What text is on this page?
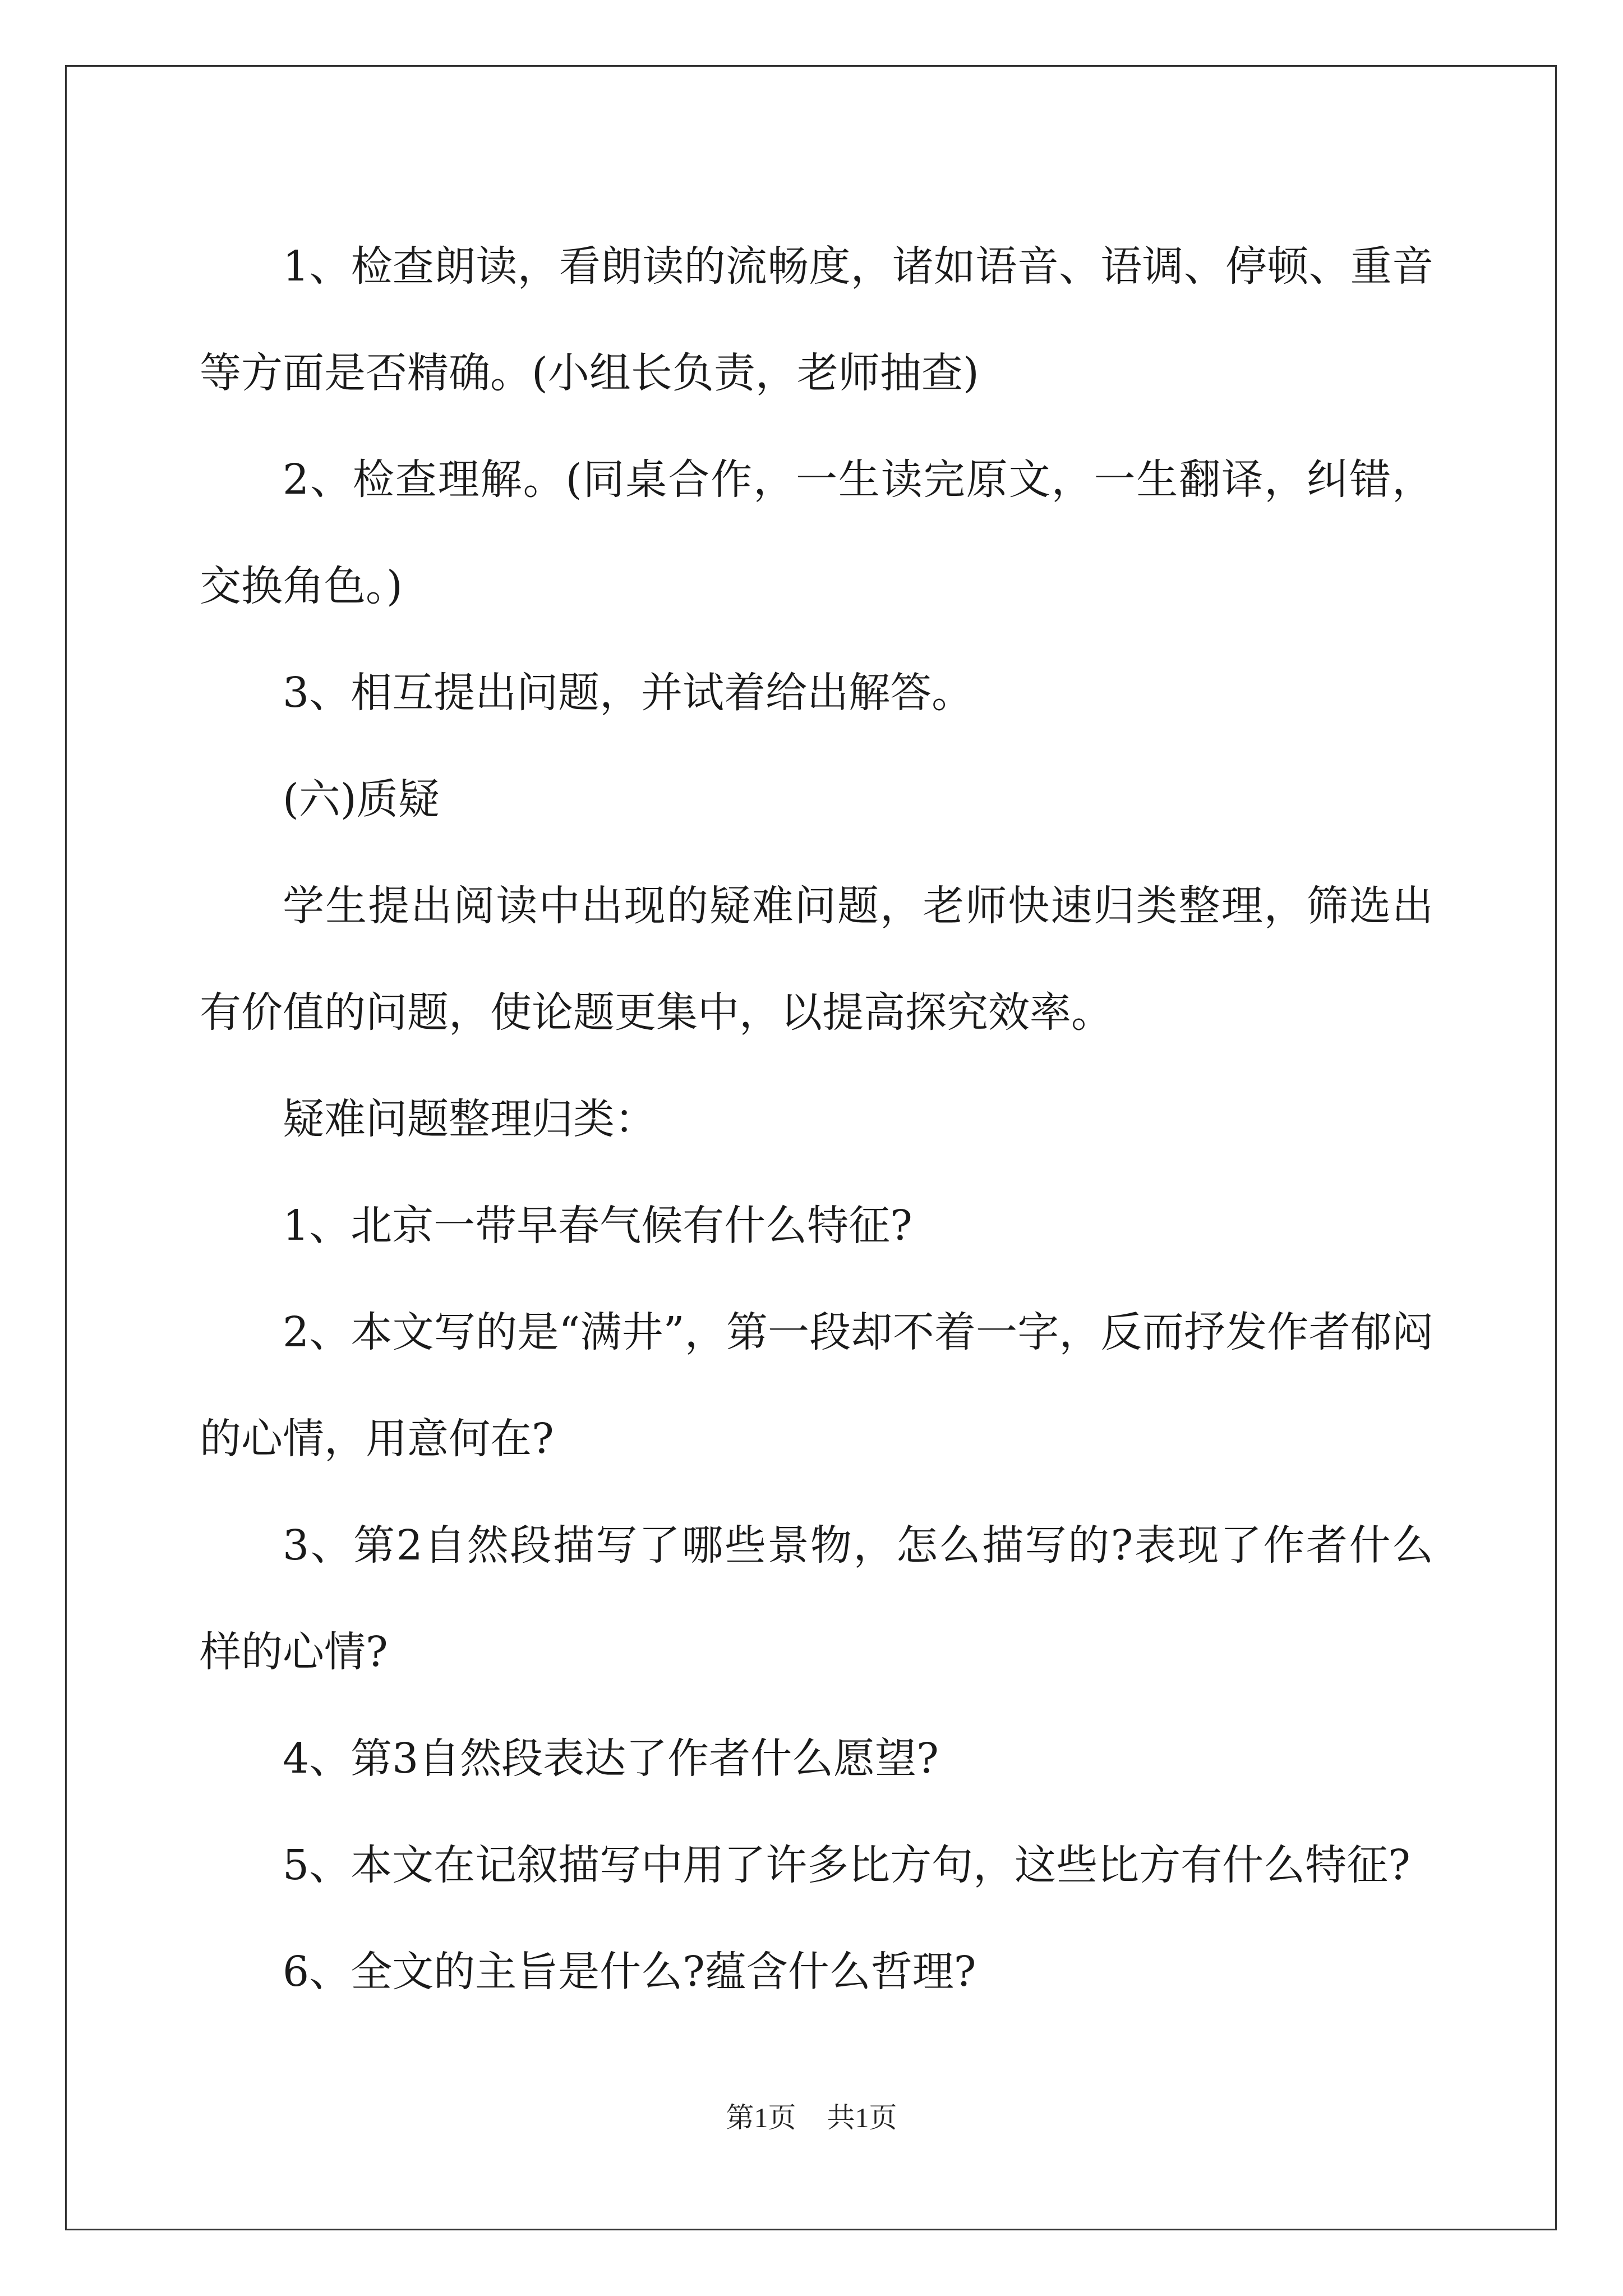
1、检查朗读，看朗读的流畅度，诸如语音、语调、停顿、重音等方面是否精确。(小组长负责，老师抽查)

2、检查理解。(同桌合作，一生读完原文，一生翻译，纠错，交换角色。)

3、相互提出问题，并试着给出解答。

(六)质疑

学生提出阅读中出现的疑难问题，老师快速归类整理，筛选出有价值的问题，使论题更集中，以提高探究效率。

疑难问题整理归类：

1、北京一带早春气候有什么特征?

2、本文写的是“满井”，第一段却不着一字，反而抒发作者郁闷的心情，用意何在?

3、第2自然段描写了哪些景物，怎么描写的?表现了作者什么样的心情?

4、第3自然段表达了作者什么愿望?

5、本文在记叙描写中用了许多比方句，这些比方有什么特征?

6、全文的主旨是什么?蕴含什么哲理?

第1页 共1页
